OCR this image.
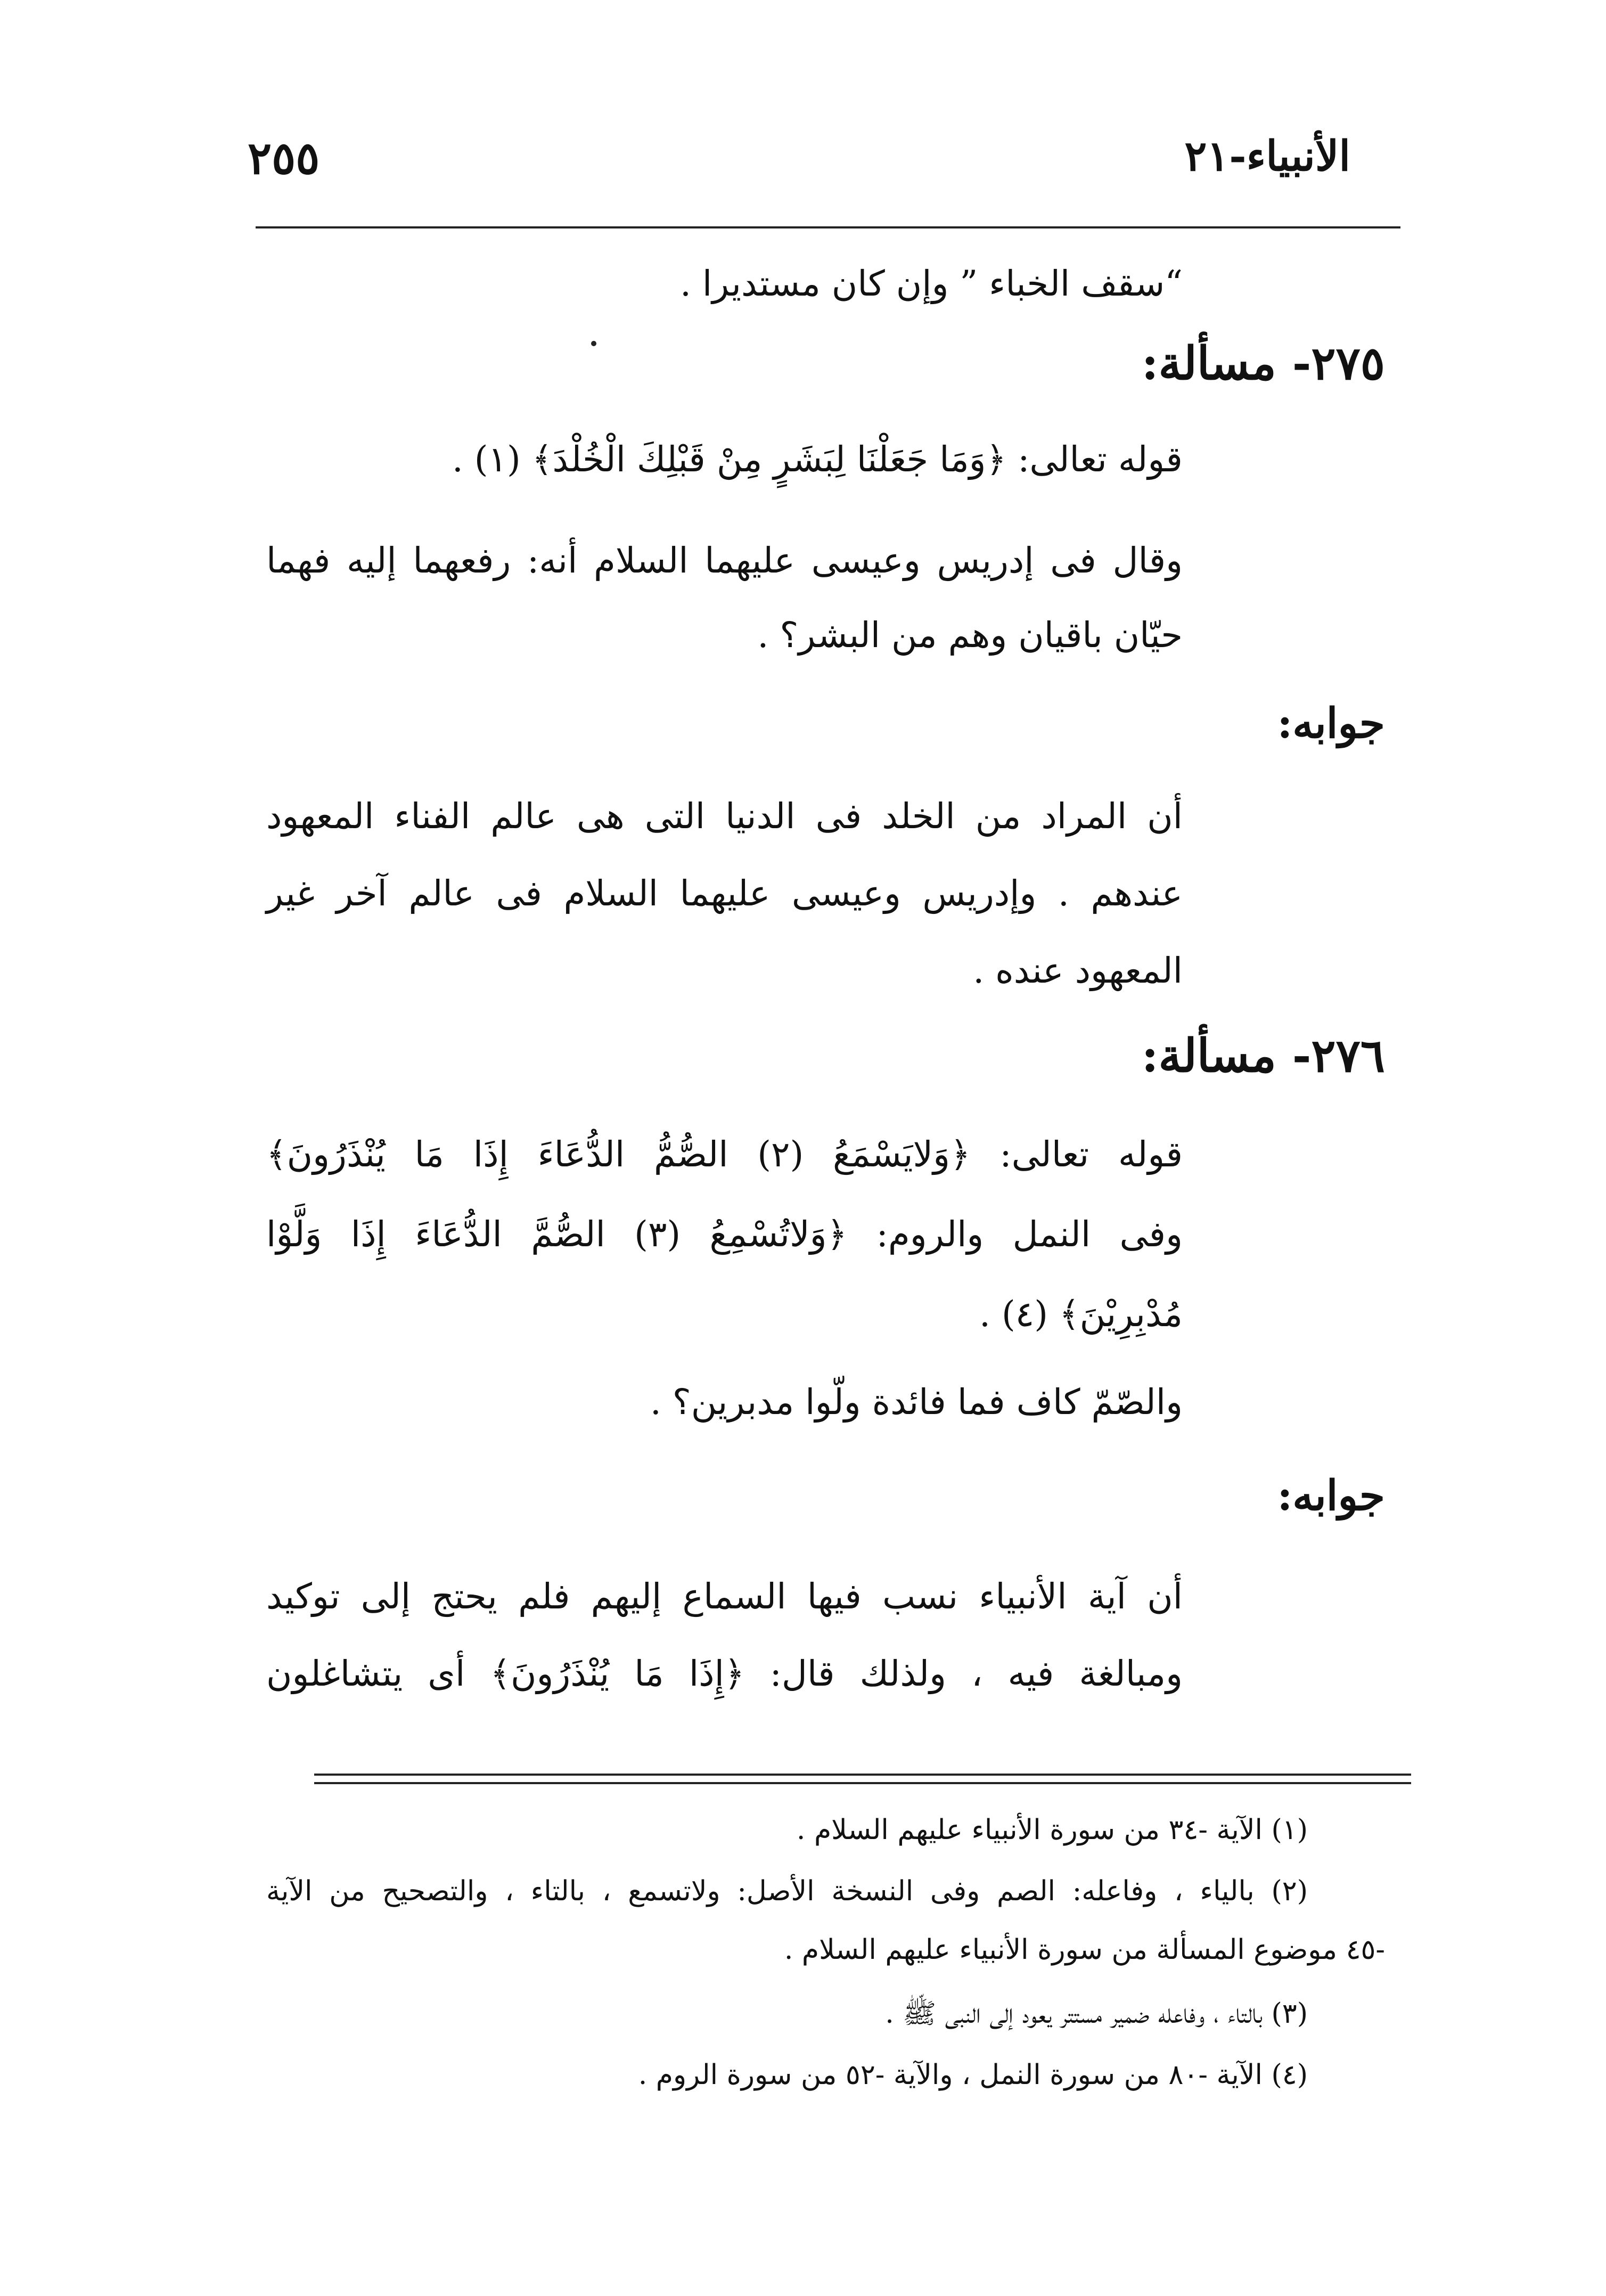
الأنبياء-٢١
٢٥٥
“سقف الخباء ” وإن كان مستديرا .
٢٧٥- مسألة:
قوله تعالى: ﴿وَمَا جَعَلْنَا لِبَشَرٍ مِنْ قَبْلِكَ الْخُلْدَ﴾ (١) .
وقال فى إدريس وعيسى عليهما السلام أنه: رفعهما إليه فهما
حيّان باقيان وهم من البشر؟ .
جوابه:
أن المراد من الخلد فى الدنيا التى هى عالم الفناء المعهود
عندهم . وإدريس وعيسى عليهما السلام فى عالم آخر غير
المعهود عنده .
٢٧٦- مسألة:
قوله تعالى: ﴿وَلايَسْمَعُ (٢) الصُّمُّ الدُّعَاءَ إِذَا مَا يُنْذَرُونَ﴾
وفى النمل والروم: ﴿وَلاتُسْمِعُ (٣) الصُّمَّ الدُّعَاءَ إِذَا وَلَّوْا
مُدْبِرِيْنَ﴾ (٤) .
والصّمّ كاف فما فائدة ولّوا مدبرين؟ .
جوابه:
أن آية الأنبياء نسب فيها السماع إليهم فلم يحتج إلى توكيد
ومبالغة فيه ، ولذلك قال: ﴿إِذَا مَا يُنْذَرُونَ﴾ أى يتشاغلون
(١) الآية -٣٤ من سورة الأنبياء عليهم السلام .
(٢) بالياء ، وفاعله: الصم وفى النسخة الأصل: ولاتسمع ، بالتاء ، والتصحيح من الآية
-٤٥ موضوع المسألة من سورة الأنبياء عليهم السلام .
(٣) بالتاء ، وفاعله ضمير مستتر يعود إلى النبى ﷺ .
(٤) الآية -٨٠ من سورة النمل ، والآية -٥٢ من سورة الروم .
